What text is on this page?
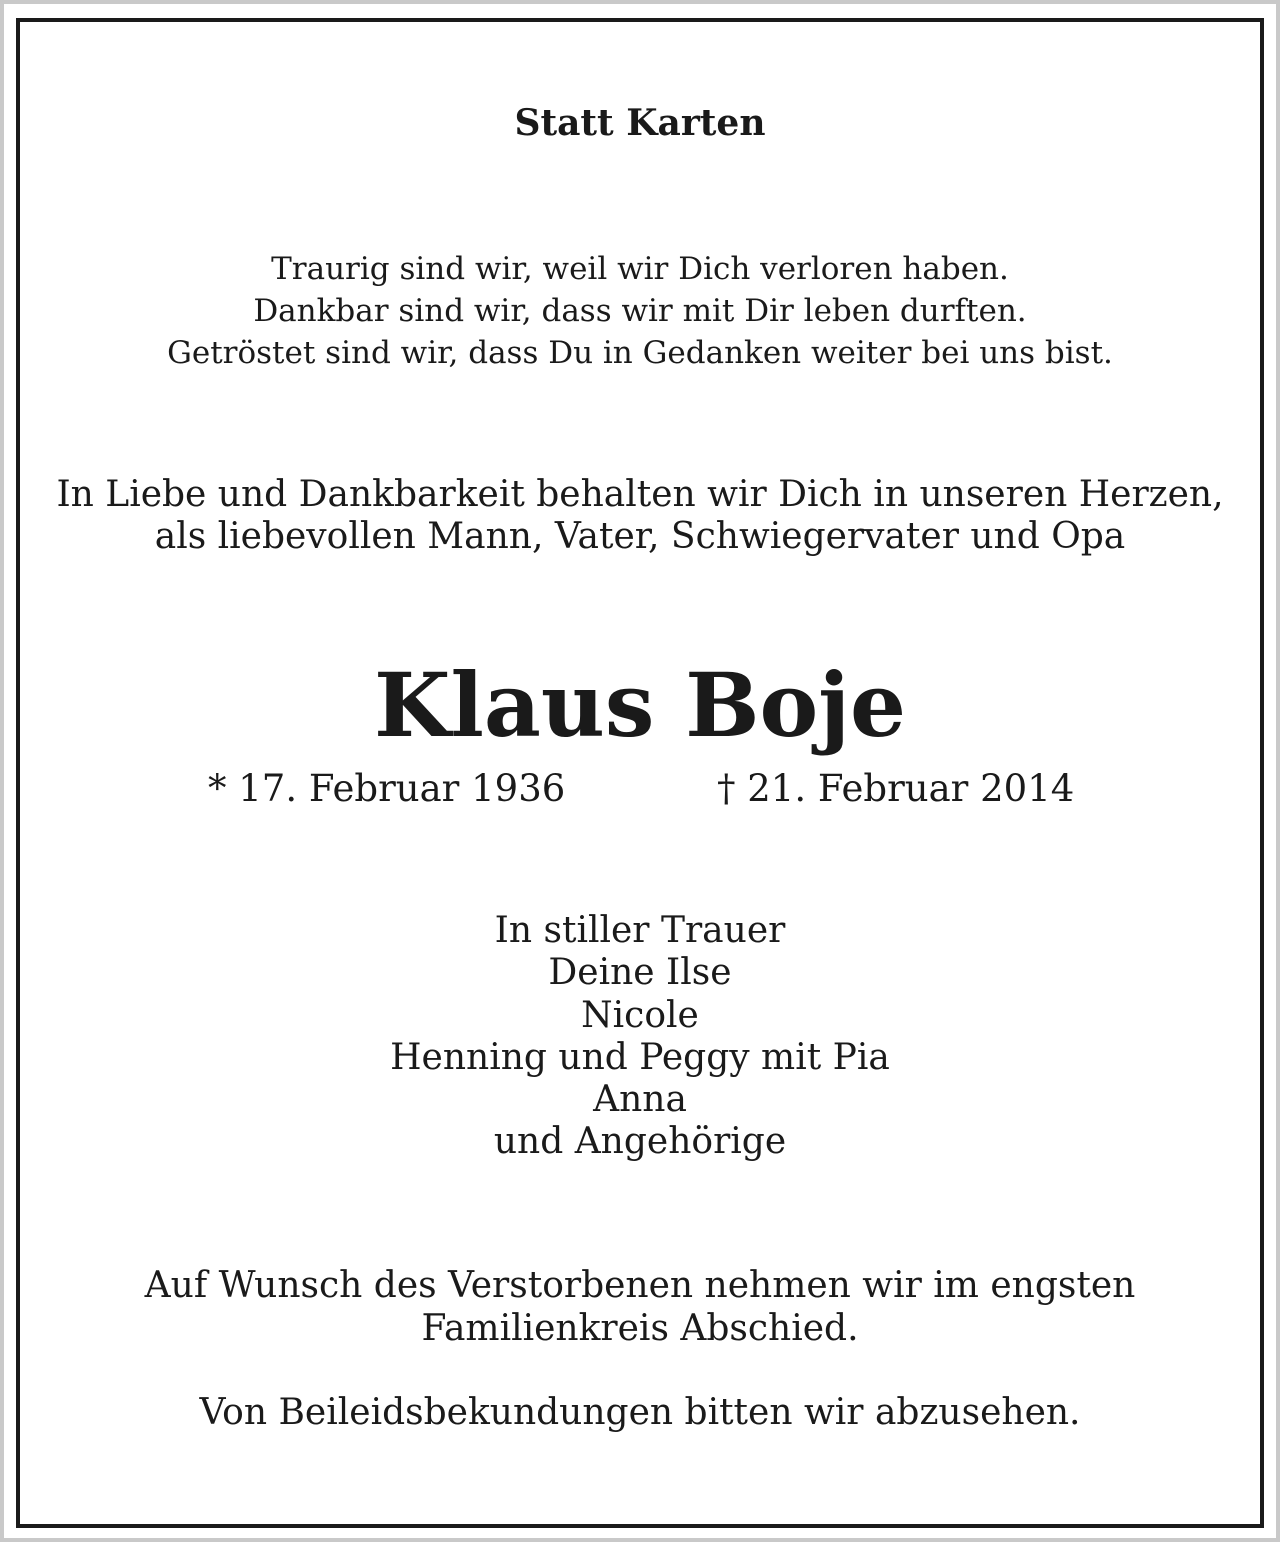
Statt Karten
Traurig sind wir, weil wir Dich verloren haben.
Dankbar sind wir, dass wir mit Dir leben durften.
Getröstet sind wir, dass Du in Gedanken weiter bei uns bist.
In Liebe und Dankbarkeit behalten wir Dich in unseren Herzen,
als liebevollen Mann, Vater, Schwiegervater und Opa
Klaus Boje
* 17. Februar 1936	† 21. Februar 2014
In stiller Trauer
Deine Ilse
Nicole
Henning und Peggy mit Pia
Anna
und Angehörige
Auf Wunsch des Verstorbenen nehmen wir im engsten
Familienkreis Abschied.
Von Beileidsbekundungen bitten wir abzusehen.
